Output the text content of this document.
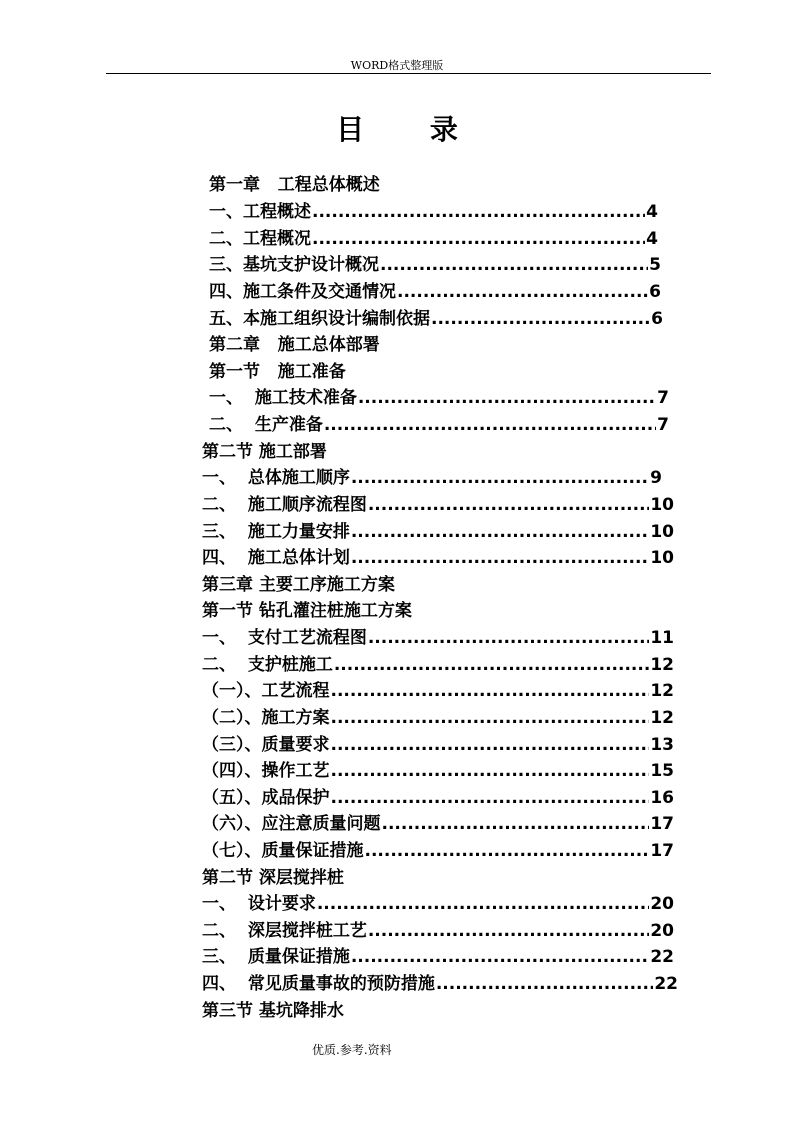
WORD格式整理版
目 录
第一章   工程总体概述
一、工程概述 .....	4
二、工程概况 .....	4
三、基坑支护设计概况 .....	5
四、施工条件及交通情况 .....	6
五、本施工组织设计编制依据 .....	6
第二章   施工总体部署
第一节   施工准备
一、  施工技术准备 .....	7
二、  生产准备 .....	7
第二节 施工部署
一、  总体施工顺序 .....	9
二、  施工顺序流程图 .....	10
三、  施工力量安排 .....	10
四、  施工总体计划 .....	10
第三章 主要工序施工方案
第一节 钻孔灌注桩施工方案
一、  支付工艺流程图 .....	11
二、  支护桩施工 .....	12
（一）、工艺流程 .....	12
（二）、施工方案 .....	12
（三）、质量要求 .....	13
（四）、操作工艺 .....	15
（五）、成品保护 .....	16
（六）、应注意质量问题 .....	17
（七）、质量保证措施 .....	17
第二节 深层搅拌桩
一、  设计要求 .....	20
二、  深层搅拌桩工艺 .....	20
三、  质量保证措施 .....	22
四、  常见质量事故的预防措施 .....	22
第三节 基坑降排水
优质.参考.资料
